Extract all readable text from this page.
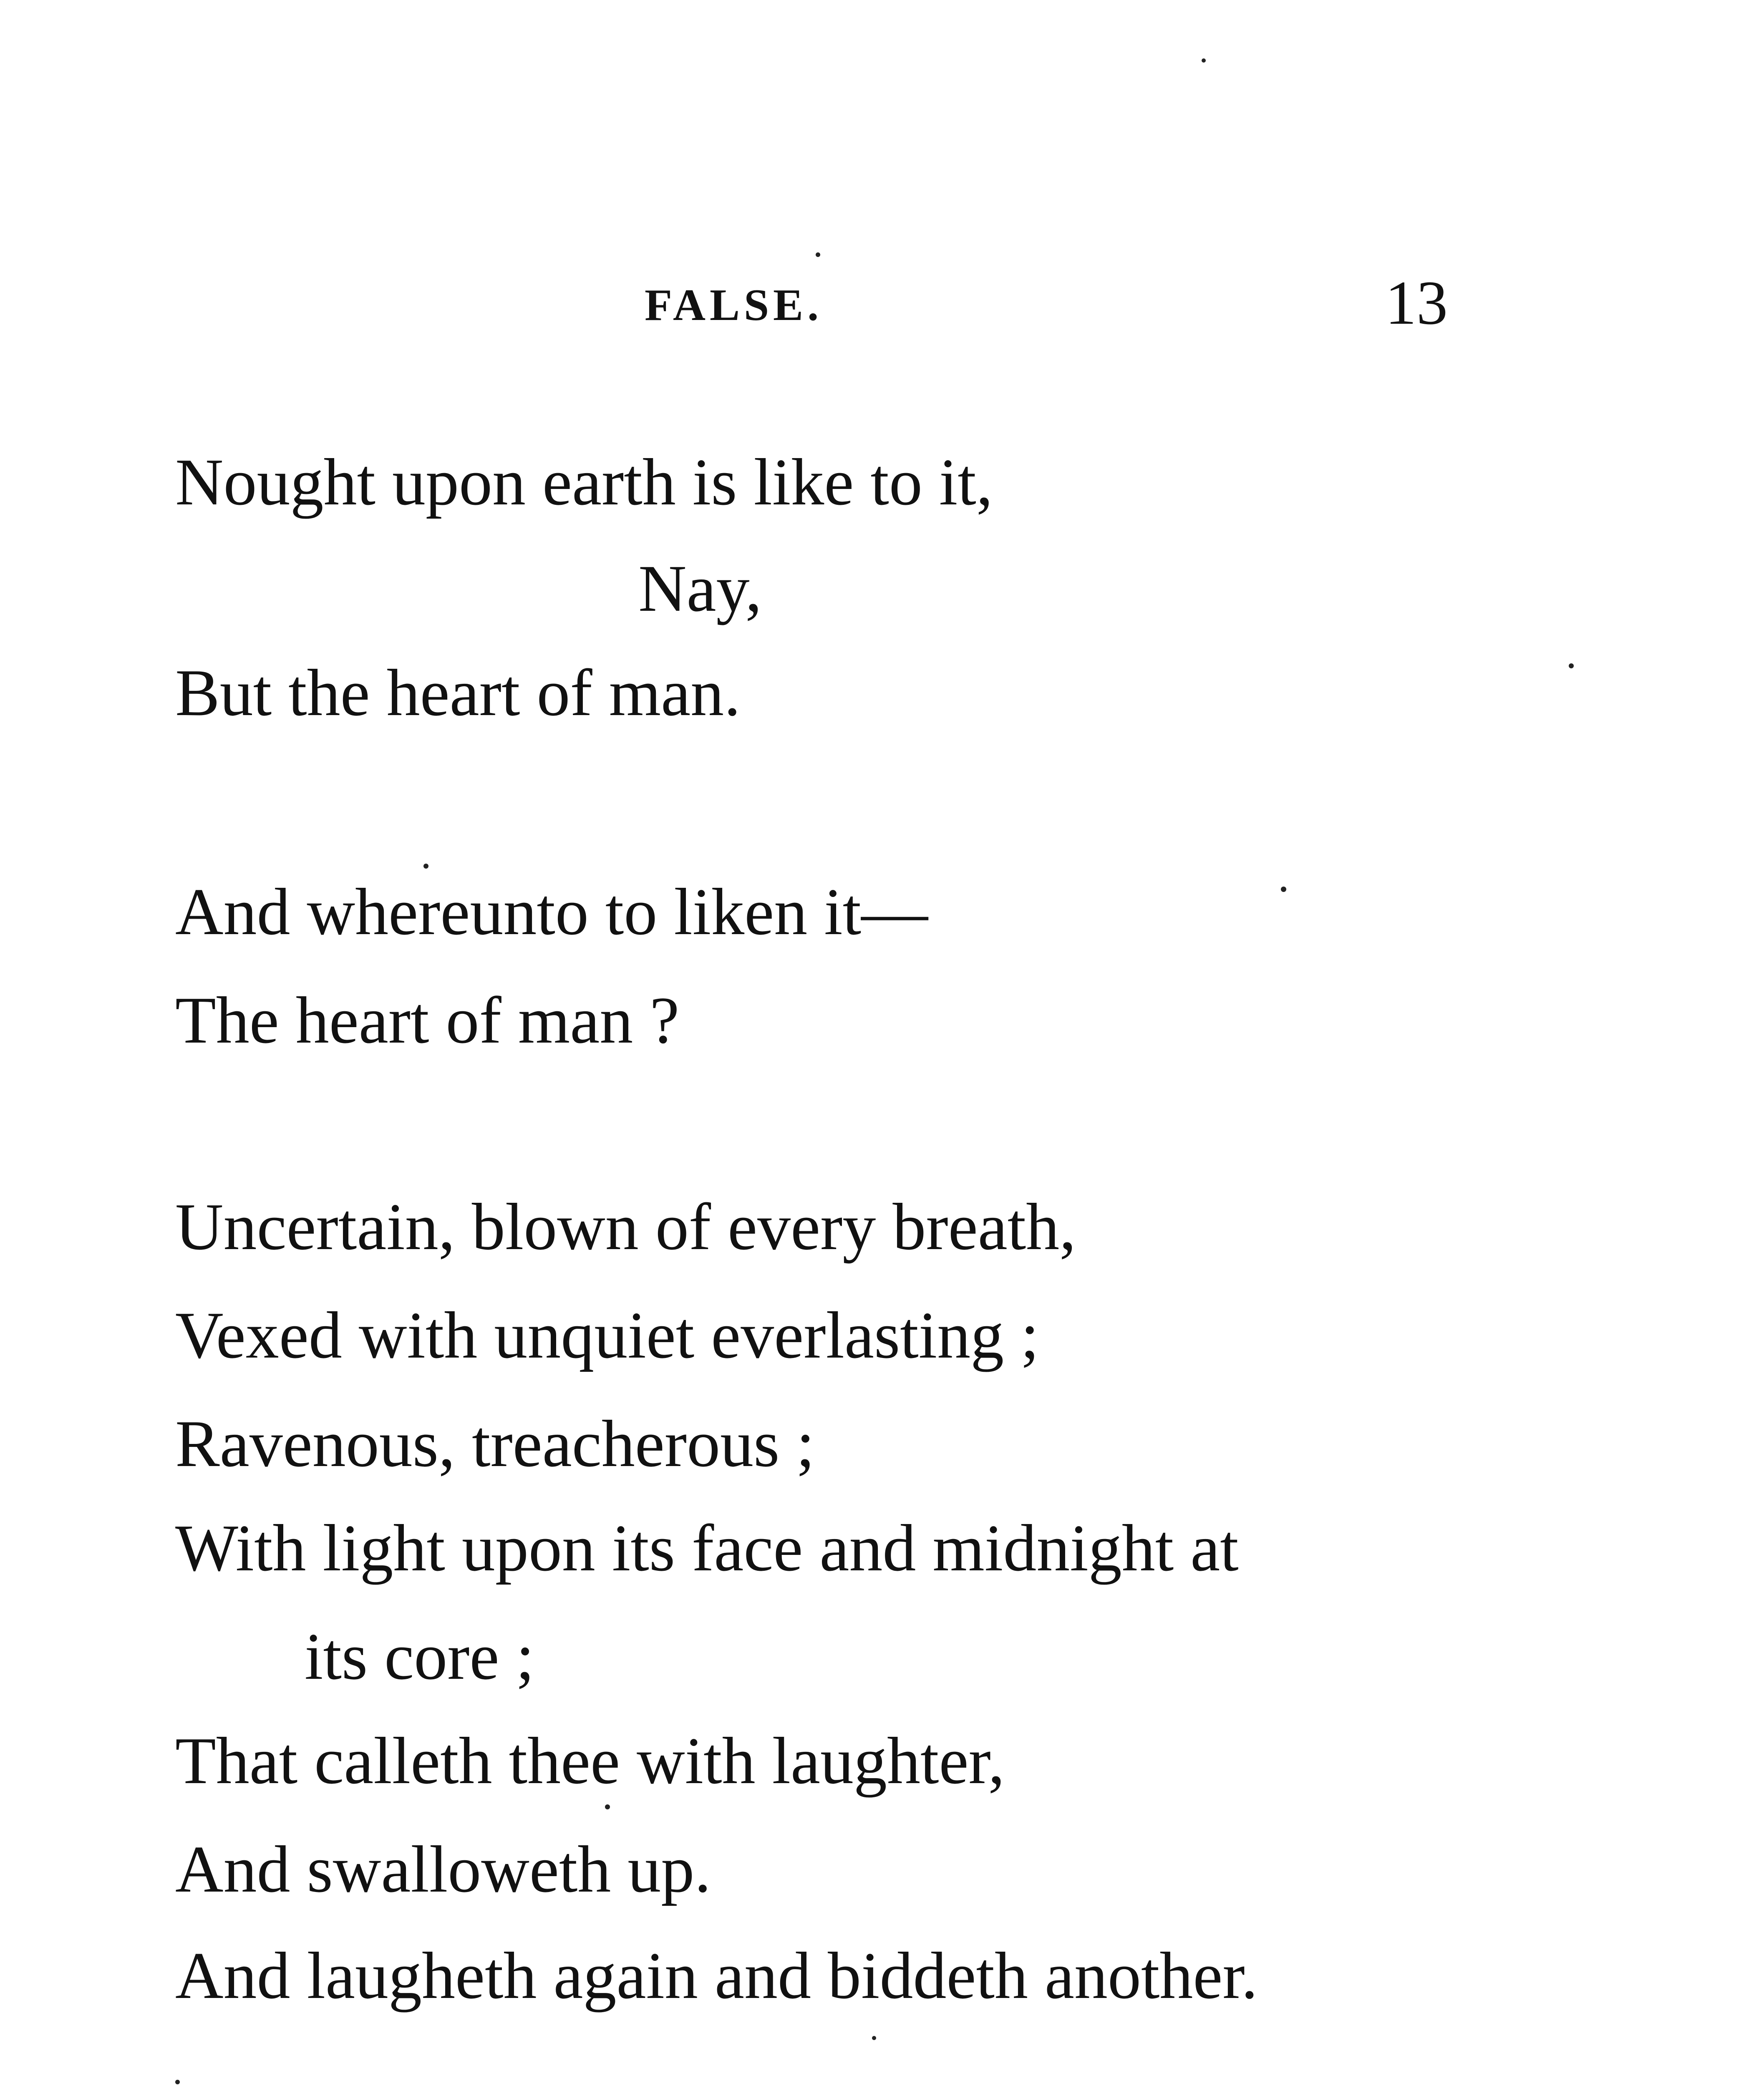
FALSE.	13
Nought upon earth is like to it,
Nay,
But the heart of man.
And whereunto to liken it—
The heart of man ?
Uncertain, blown of every breath,
Vexed with unquiet everlasting ;
Ravenous, treacherous ;
With light upon its face and midnight at
its core ;
That calleth thee with laughter,
And swalloweth up.
And laugheth again and biddeth another.
